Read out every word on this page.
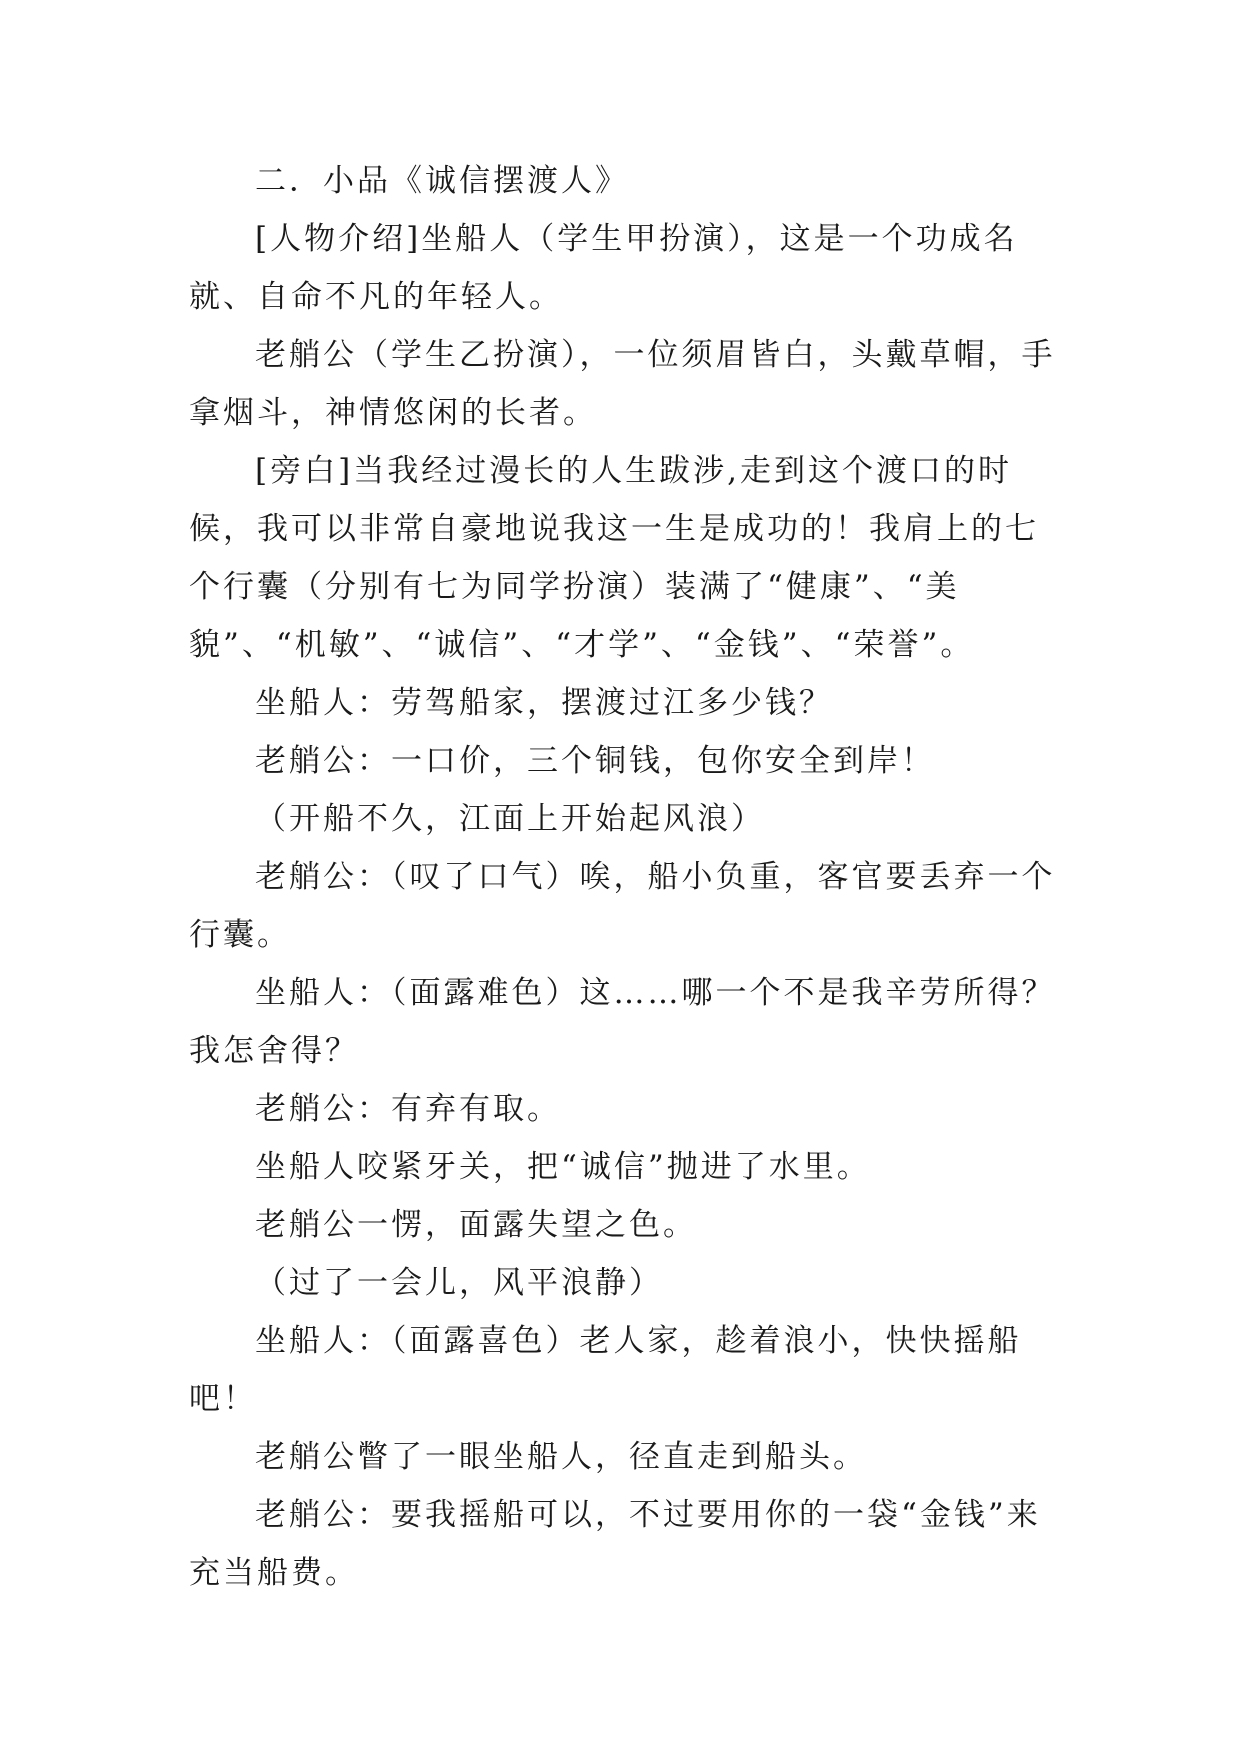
二．小品《诚信摆渡人》

[人物介绍]坐船人（学生甲扮演），这是一个功成名就、自命不凡的年轻人。

老艄公（学生乙扮演），一位须眉皆白，头戴草帽，手拿烟斗，神情悠闲的长者。

[旁白]当我经过漫长的人生跋涉,走到这个渡口的时候，我可以非常自豪地说我这一生是成功的！我肩上的七个行囊（分别有七为同学扮演）装满了“健康”、“美貌”、“机敏”、“诚信”、“才学”、“金钱”、“荣誉”。

坐船人：劳驾船家，摆渡过江多少钱？

老艄公：一口价，三个铜钱，包你安全到岸！

（开船不久，江面上开始起风浪）

老艄公：（叹了口气）唉，船小负重，客官要丢弃一个行囊。

坐船人：（面露难色）这……哪一个不是我辛劳所得？我怎舍得？

老艄公：有弃有取。

坐船人咬紧牙关，把“诚信”抛进了水里。

老艄公一愣，面露失望之色。

（过了一会儿，风平浪静）

坐船人：（面露喜色）老人家，趁着浪小，快快摇船吧！

老艄公瞥了一眼坐船人，径直走到船头。

老艄公：要我摇船可以，不过要用你的一袋“金钱”来充当船费。
